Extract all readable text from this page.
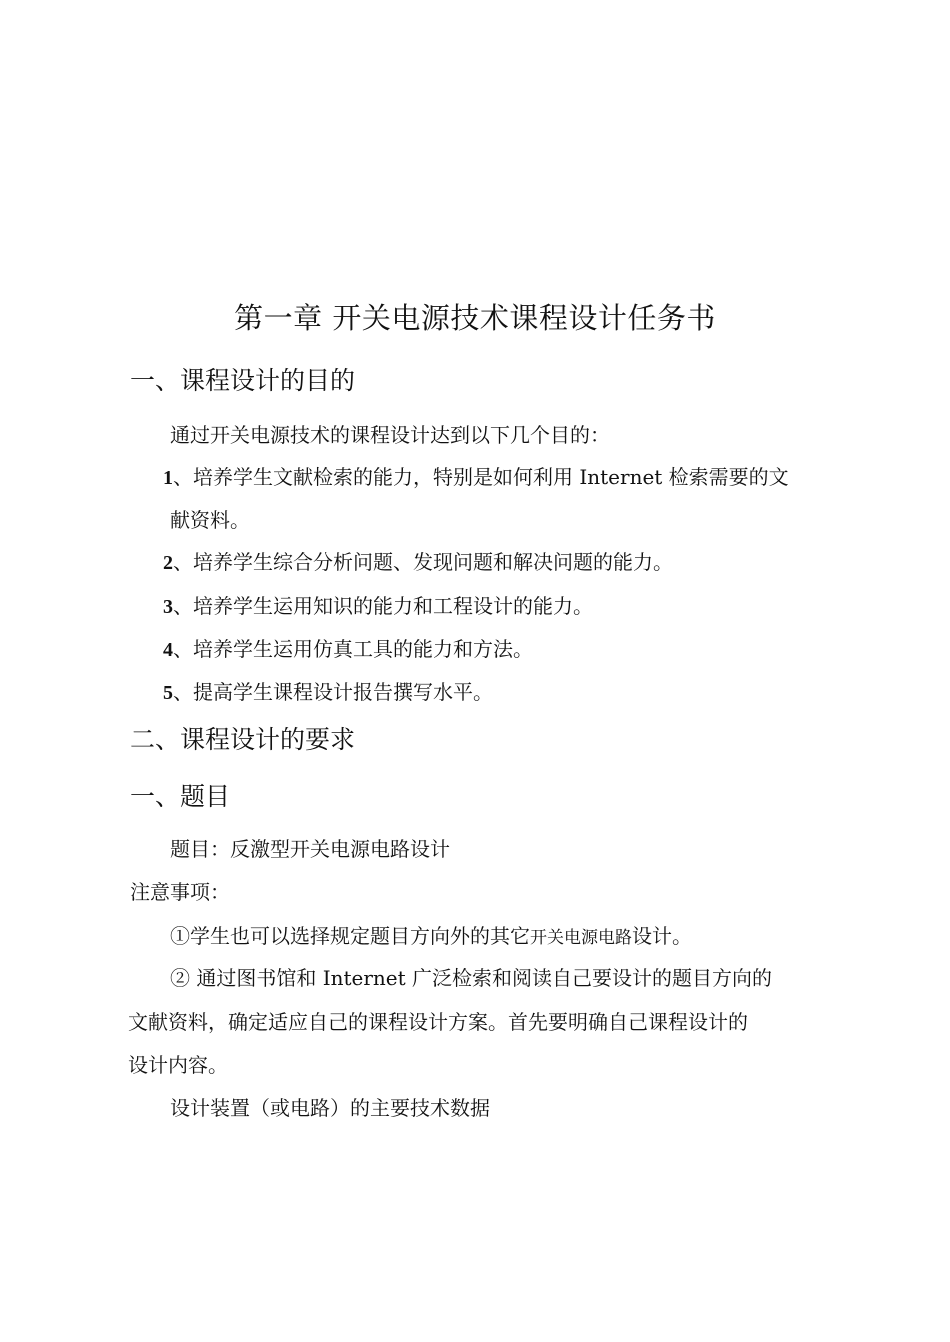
第一章 开关电源技术课程设计任务书
一、课程设计的目的
通过开关电源技术的课程设计达到以下几个目的：
1、培养学生文献检索的能力，特别是如何利用 Internet 检索需要的文
献资料。
2、培养学生综合分析问题、发现问题和解决问题的能力。
3、培养学生运用知识的能力和工程设计的能力。
4、培养学生运用仿真工具的能力和方法。
5、提高学生课程设计报告撰写水平。
二、课程设计的要求
一、题目
题目：反激型开关电源电路设计
注意事项：
①学生也可以选择规定题目方向外的其它开关电源电路设计。
② 通过图书馆和 Internet 广泛检索和阅读自己要设计的题目方向的
文献资料，确定适应自己的课程设计方案。首先要明确自己课程设计的
设计内容。
设计装置（或电路）的主要技术数据
